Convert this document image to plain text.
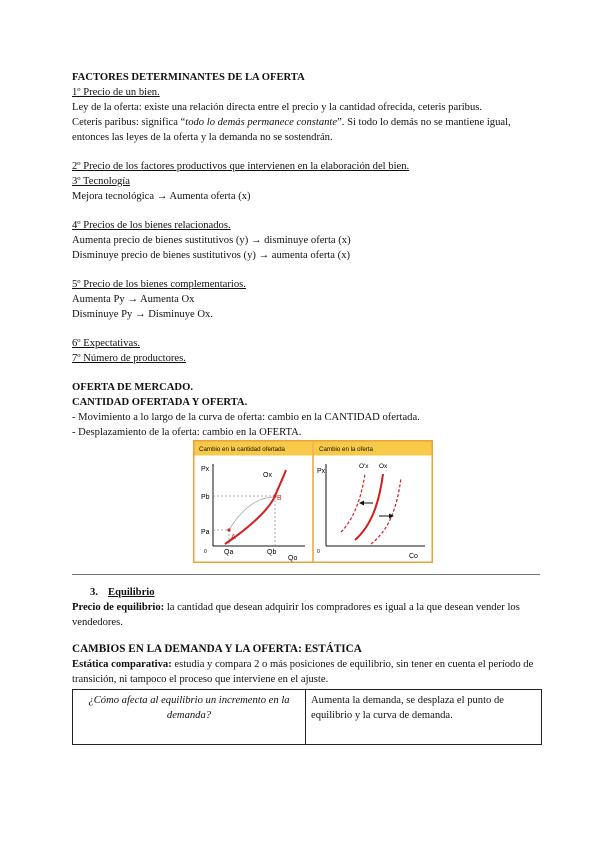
FACTORES DETERMINANTES DE LA OFERTA
1º Precio de un bien.
Ley de la oferta: existe una relación directa entre el precio y la cantidad ofrecida, ceteris paribus.
Ceteris paribus: significa “todo lo demás permanece constante”. Si todo lo demás no se mantiene igual, entonces las leyes de la oferta y la demanda no se sostendrán.
2º Precio de los factores productivos que intervienen en la elaboración del bien.
3º Tecnología
Mejora tecnológica → Aumenta oferta (x)
4º Precios de los bienes relacionados.
Aumenta precio de bienes sustitutivos (y) → disminuye oferta (x)
Disminuye precio de bienes sustitutivos (y) → aumenta oferta (x)
5º Precio de los bienes complementarios.
Aumenta Py → Aumenta Ox
Disminuye Py → Disminuye Ox.
6º Expectativas.
7º Número de productores.
OFERTA DE MERCADO.
CANTIDAD OFERTADA Y OFERTA.
- Movimiento a lo largo de la curva de oferta: cambio en la CANTIDAD ofertada.
- Desplazamiento de la oferta: cambio en la OFERTA.
Cambio en la cantidad ofertada	Cambio en la oferta
Px
Ox
Pb
Pa
0 Qa	Qb
Qo
A
B
Px
0
O'x Ox
Co
3. Equilibrio
Precio de equilibrio: la cantidad que desean adquirir los compradores es igual a la que desean vender los vendedores.
CAMBIOS EN LA DEMANDA Y LA OFERTA: ESTÁTICA
Estática comparativa: estudia y compara 2 o más posiciones de equilibrio, sin tener en cuenta el período de transición, ni tampoco el proceso que interviene en el ajuste.
¿Cómo afecta al equilibrio un incremento en la demanda?	Aumenta la demanda, se desplaza el punto de equilibrio y la curva de demanda.
